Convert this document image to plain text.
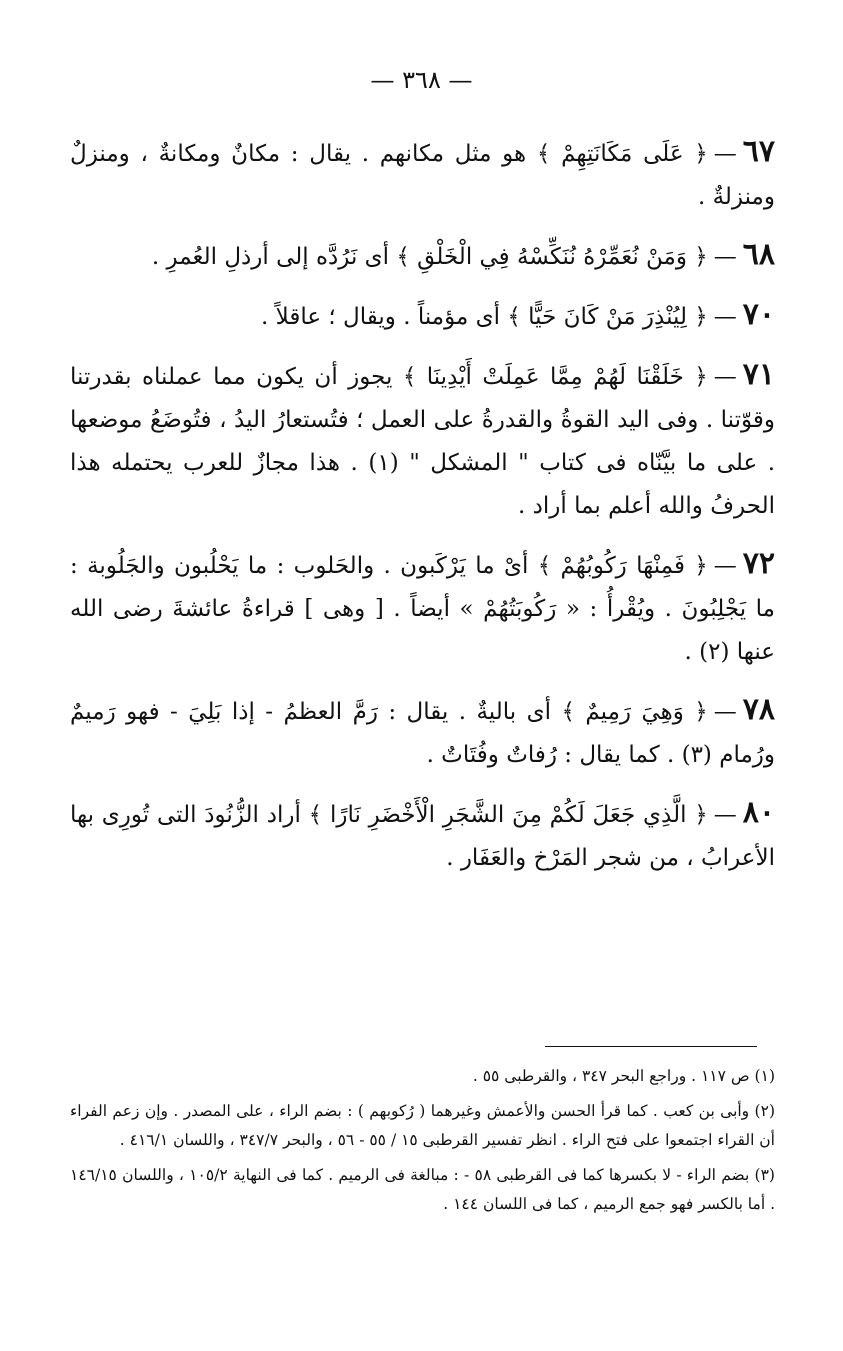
— ٣٦٨ —

٦٧—﴿ عَلَى مَكَانَتِهِمْ ﴾ هو مثل مكانهم . يقال : مكانٌ ومكانةٌ ، ومنزلٌ ومنزلةٌ .

٦٨—﴿ وَمَنْ نُعَمِّرْهُ نُنَكِّسْهُ فِي الْخَلْقِ ﴾ أى نَرُدَّه إلى أرذلِ العُمرِ .

٧٠—﴿ لِيُنْذِرَ مَنْ كَانَ حَيًّا ﴾ أى مؤمناً . ويقال ؛ عاقلاً .

٧١—﴿ خَلَقْنَا لَهُمْ مِمَّا عَمِلَتْ أَيْدِينَا ﴾ يجوز أن يكون مما عملناه بقدرتنا وقوّتنا . وفى اليد القوةُ والقدرةُ على العمل ؛ فتُستعارُ اليدُ ، فتُوضَعُ موضعها . على ما بيَّنّاه فى كتاب " المشكل " (١) . هذا مجازٌ للعرب يحتمله هذا الحرفُ والله أعلم بما أراد .

٧٢—﴿ فَمِنْهَا رَكُوبُهُمْ ﴾ أىْ ما يَرْكَبون . والحَلوب : ما يَحْلُبون والجَلُوبة : ما يَجْلِبُونَ . ويُقْرأُ : « رَكُوبَتُهُمْ » أيضاً . [ وهى ] قراءةُ عائشةَ رضى الله عنها (٢) .

٧٨—﴿ وَهِيَ رَمِيمٌ ﴾ أى باليةٌ . يقال : رَمَّ العظمُ - إذا بَلِيَ - فهو رَميمٌ ورُمام (٣) . كما يقال : رُفاتٌ وفُتَاتٌ .

٨٠—﴿ الَّذِي جَعَلَ لَكُمْ مِنَ الشَّجَرِ الْأَخْضَرِ نَارًا ﴾ أراد الزُّنُودَ التى تُورِى بها الأعرابُ ، من شجر المَرْخ والعَفَار .

(١) ص ١١٧ . وراجع البحر ٣٤٧ ، والقرطبى ٥٥ .

(٢) وأبى بن كعب . كما قرأ الحسن والأعمش وغيرهما ( رُكوبهم ) : بضم الراء ، على المصدر . وإن زعم الفراء أن القراء اجتمعوا على فتح الراء . انظر تفسير القرطبى ١٥ / ٥٥ - ٥٦ ، والبحر ٣٤٧/٧ ، واللسان ٤١٦/١ .

(٣) بضم الراء - لا بكسرها كما فى القرطبى ٥٨ - : مبالغة فى الرميم . كما فى النهاية ١٠٥/٢ ، واللسان ١٤٦/١٥ . أما بالكسر فهو جمع الرميم ، كما فى اللسان ١٤٤ .
